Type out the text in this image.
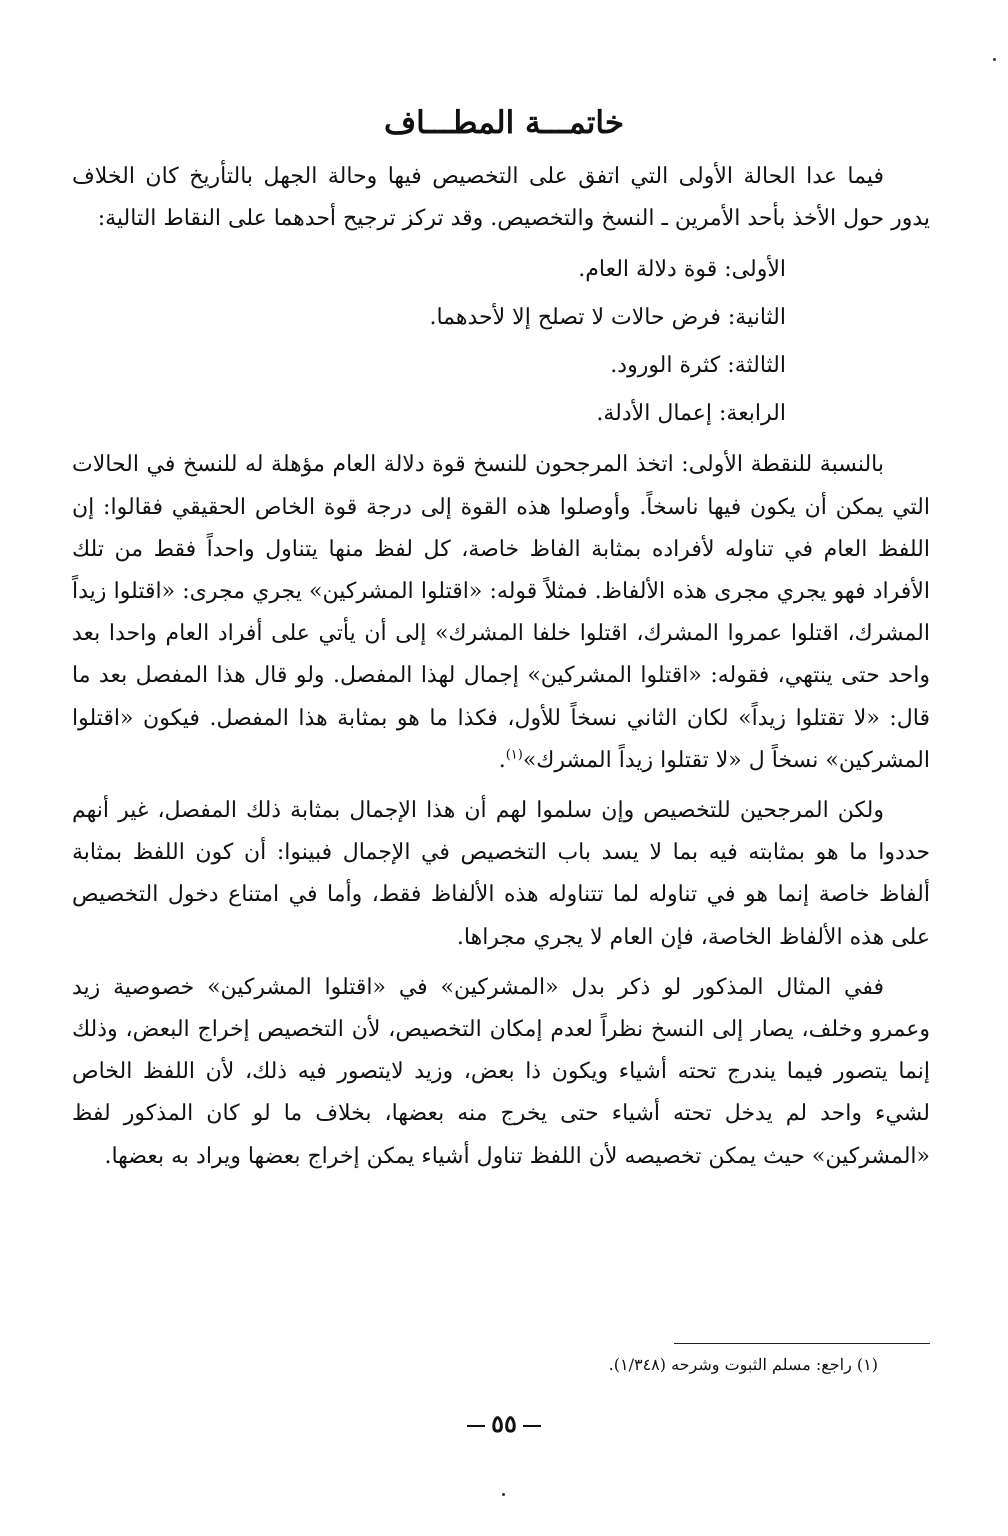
خاتمـــة المطـــاف

فيما عدا الحالة الأولى التي اتفق على التخصيص فيها وحالة الجهل بالتأريخ كان الخلاف يدور حول الأخذ بأحد الأمرين ـ النسخ والتخصيص. وقد تركز ترجيح أحدهما على النقاط التالية:

الأولى: قوة دلالة العام.
الثانية: فرض حالات لا تصلح إلا لأحدهما.
الثالثة: كثرة الورود.
الرابعة: إعمال الأدلة.

بالنسبة للنقطة الأولى: اتخذ المرجحون للنسخ قوة دلالة العام مؤهلة له للنسخ في الحالات التي يمكن أن يكون فيها ناسخاً. وأوصلوا هذه القوة إلى درجة قوة الخاص الحقيقي فقالوا: إن اللفظ العام في تناوله لأفراده بمثابة الفاظ خاصة، كل لفظ منها يتناول واحداً فقط من تلك الأفراد فهو يجري مجرى هذه الألفاظ. فمثلاً قوله: «اقتلوا المشركين» يجري مجرى: «اقتلوا زيداً المشرك، اقتلوا عمروا المشرك، اقتلوا خلفا المشرك» إلى أن يأتي على أفراد العام واحدا بعد واحد حتى ينتهي، فقوله: «اقتلوا المشركين» إجمال لهذا المفصل. ولو قال هذا المفصل بعد ما قال: «لا تقتلوا زيداً» لكان الثاني نسخاً للأول، فكذا ما هو بمثابة هذا المفصل. فيكون «اقتلوا المشركين» نسخاً ل «لا تقتلوا زيداً المشرك»$^{(١)}$.

ولكن المرجحين للتخصيص وإن سلموا لهم أن هذا الإجمال بمثابة ذلك المفصل، غير أنهم حددوا ما هو بمثابته فيه بما لا يسد باب التخصيص في الإجمال فبينوا: أن كون اللفظ بمثابة ألفاظ خاصة إنما هو في تناوله لما تتناوله هذه الألفاظ فقط، وأما في امتناع دخول التخصيص على هذه الألفاظ الخاصة، فإن العام لا يجري مجراها.

ففي المثال المذكور لو ذكر بدل «المشركين» في «اقتلوا المشركين» خصوصية زيد وعمرو وخلف، يصار إلى النسخ نظراً لعدم إمكان التخصيص، لأن التخصيص إخراج البعض، وذلك إنما يتصور فيما يندرج تحته أشياء ويكون ذا بعض، وزيد لايتصور فيه ذلك، لأن اللفظ الخاص لشيء واحد لم يدخل تحته أشياء حتى يخرج منه بعضها، بخلاف ما لو كان المذكور لفظ «المشركين» حيث يمكن تخصيصه لأن اللفظ تناول أشياء يمكن إخراج بعضها ويراد به بعضها.

(١) راجع: مسلم الثبوت وشرحه (١/٣٤٨).
٥٥
